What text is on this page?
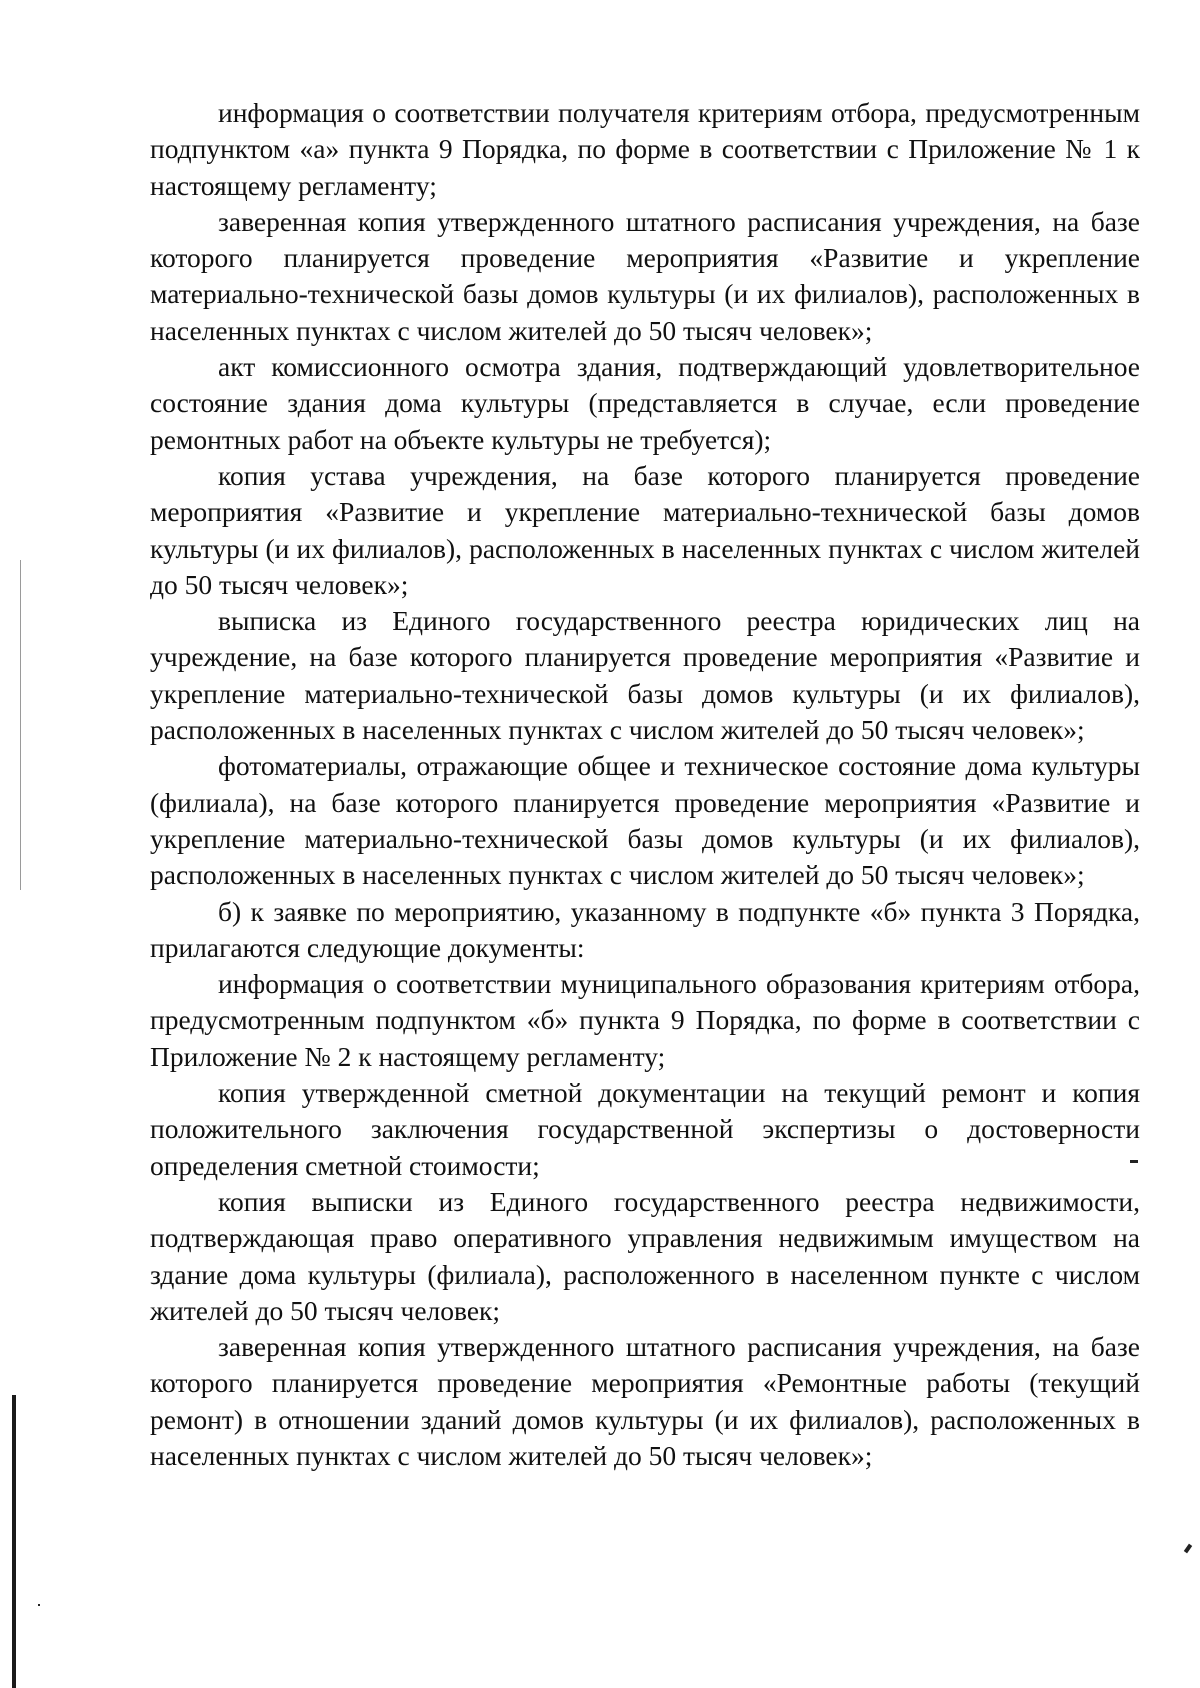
информация о соответствии получателя критериям отбора, предусмотренным подпунктом «а» пункта 9 Порядка, по форме в соответствии с Приложение № 1 к настоящему регламенту;

заверенная копия утвержденного штатного расписания учреждения, на базе которого планируется проведение мероприятия «Развитие и укрепление материально-технической базы домов культуры (и их филиалов), расположенных в населенных пунктах с числом жителей до 50 тысяч человек»;

акт комиссионного осмотра здания, подтверждающий удовлетворительное состояние здания дома культуры (представляется в случае, если проведение ремонтных работ на объекте культуры не требуется);

копия устава учреждения, на базе которого планируется проведение мероприятия «Развитие и укрепление материально-технической базы домов культуры (и их филиалов), расположенных в населенных пунктах с числом жителей до 50 тысяч человек»;

выписка из Единого государственного реестра юридических лиц на учреждение, на базе которого планируется проведение мероприятия «Развитие и укрепление материально-технической базы домов культуры (и их филиалов), расположенных в населенных пунктах с числом жителей до 50 тысяч человек»;

фотоматериалы, отражающие общее и техническое состояние дома культуры (филиала), на базе которого планируется проведение мероприятия «Развитие и укрепление материально-технической базы домов культуры (и их филиалов), расположенных в населенных пунктах с числом жителей до 50 тысяч человек»;

б) к заявке по мероприятию, указанному в подпункте «б» пункта 3 Порядка, прилагаются следующие документы:

информация о соответствии муниципального образования критериям отбора, предусмотренным подпунктом «б» пункта 9 Порядка, по форме в соответствии с Приложение № 2 к настоящему регламенту;

копия утвержденной сметной документации на текущий ремонт и копия положительного заключения государственной экспертизы о достоверности определения сметной стоимости;

копия выписки из Единого государственного реестра недвижимости, подтверждающая право оперативного управления недвижимым имуществом на здание дома культуры (филиала), расположенного в населенном пункте с числом жителей до 50 тысяч человек;

заверенная копия утвержденного штатного расписания учреждения, на базе которого планируется проведение мероприятия «Ремонтные работы (текущий ремонт) в отношении зданий домов культуры (и их филиалов), расположенных в населенных пунктах с числом жителей до 50 тысяч человек»;
